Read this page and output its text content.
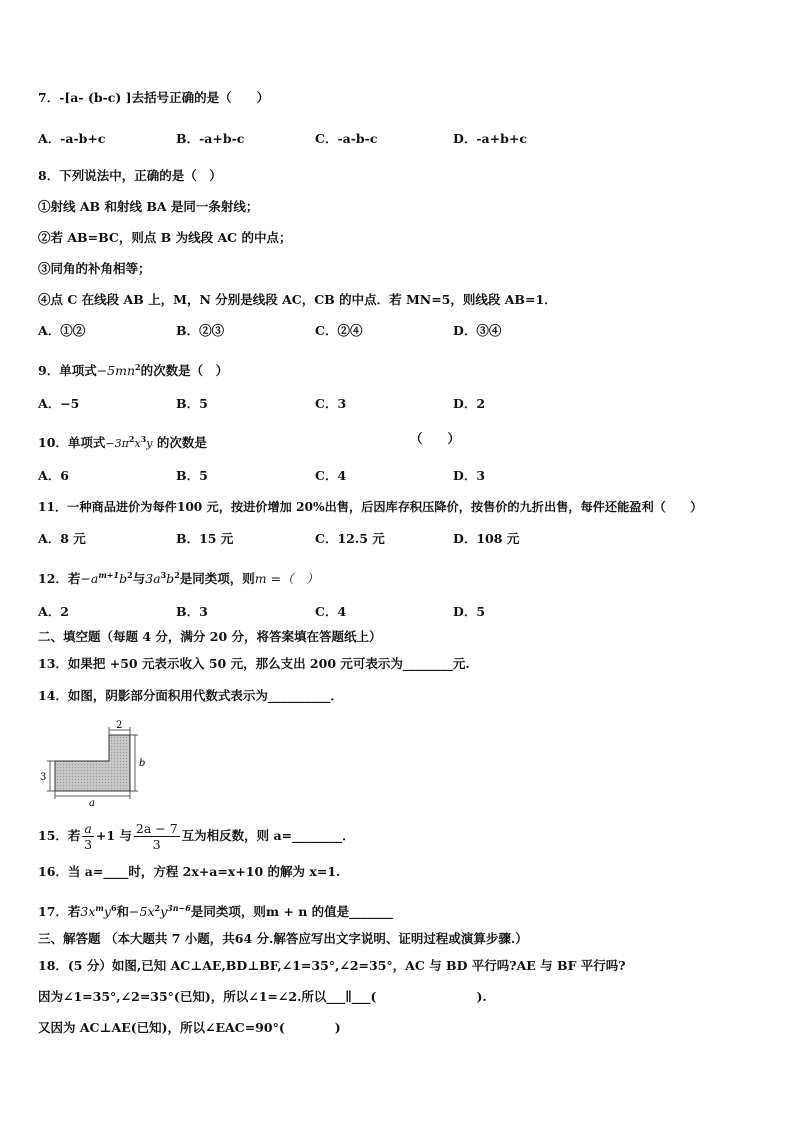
7．-[a- (b-c) ]去括号正确的是（　　）
A．-a-b+c	B．-a+b-c	C．-a-b-c	D．-a+b+c
8．下列说法中，正确的是（　）
①射线 AB 和射线 BA 是同一条射线；
②若 AB=BC，则点 B 为线段 AC 的中点；
③同角的补角相等；
④点 C 在线段 AB 上，M，N 分别是线段 AC，CB 的中点．若 MN=5，则线段 AB=1．
A．①②	B．②③	C．②④	D．③④
9．单项式$-5mn^2$的次数是（　）
A．−5	B．5	C．3	D．2
10．单项式$-3\pi^2x^3y$ 的次数是	（　　）
A．6	B．5	C．4	D．3
11．一种商品进价为每件100 元，按进价增加 20%出售，后因库存积压降价，按售价的九折出售，每件还能盈利（　　）
A．8 元	B．15 元	C．12.5 元	D．108 元
12．若$-a^{m+1}b^2$与$3a^3b^2$是同类项，则m =（　）
A．2	B．3	C．4	D．5
二、填空题（每题 4 分，满分 20 分，将答案填在答题纸上）
13．如果把 +50 元表示收入 50 元，那么支出 200 元可表示为________元.
14．如图，阴影部分面积用代数式表示为__________．
2
b
3
a
15．若 $\frac{a}{3} +1$ 与 $\frac{2a - 7}{3}$ 互为相反数，则 a=________．
16．当 a=____时，方程 2x+a=x+10 的解为 x=1.
17．若$3x^my^6$和$-5x^2y^{3n-6}$是同类项，则m + n 的值是_______
三、解答题 （本大题共 7 小题，共64 分.解答应写出文字说明、证明过程或演算步骤.）
18．(5 分）如图,已知 AC⊥AE,BD⊥BF,∠1=35°,∠2=35°，AC 与 BD 平行吗?AE 与 BF 平行吗?
因为∠1=35°,∠2=35°(已知)，所以∠1=∠2.所以___∥___(　　　　　　　　).
又因为 AC⊥AE(已知)，所以∠EAC=90°(　　　　)
